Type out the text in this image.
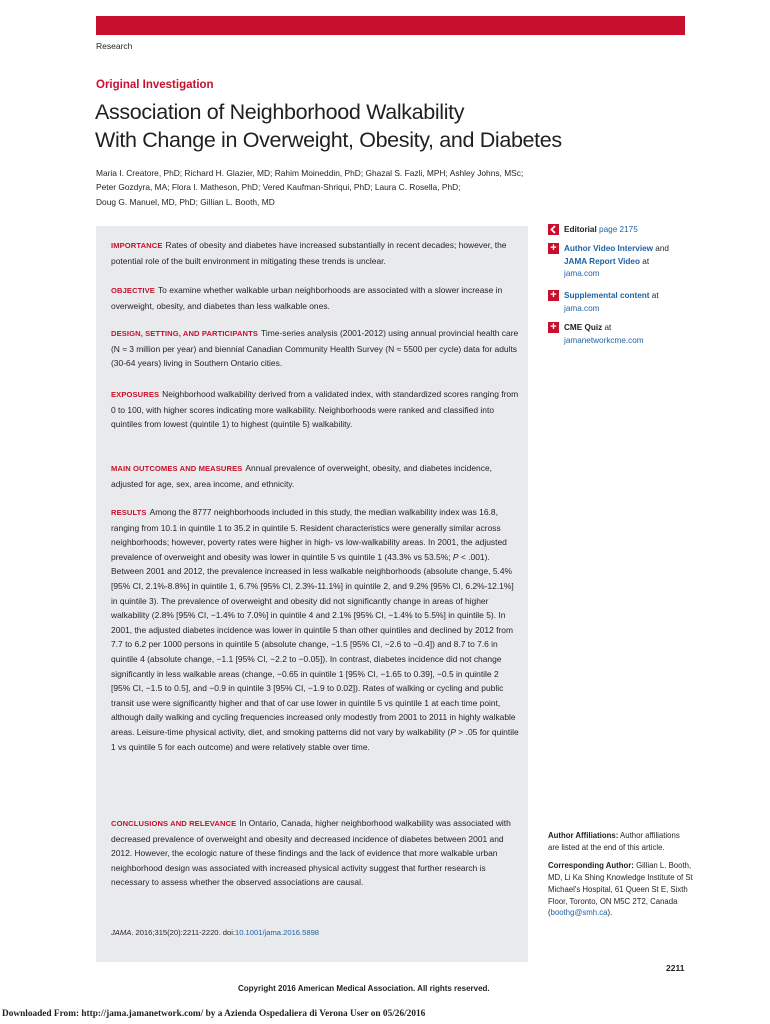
Research
Original Investigation
Association of Neighborhood Walkability
With Change in Overweight, Obesity, and Diabetes
Maria I. Creatore, PhD; Richard H. Glazier, MD; Rahim Moineddin, PhD; Ghazal S. Fazli, MPH; Ashley Johns, MSc;
Peter Gozdyra, MA; Flora I. Matheson, PhD; Vered Kaufman-Shriqui, PhD; Laura C. Rosella, PhD;
Doug G. Manuel, MD, PhD; Gillian L. Booth, MD

IMPORTANCE Rates of obesity and diabetes have increased substantially in recent decades; however, the potential role of the built environment in mitigating these trends is unclear.

OBJECTIVE To examine whether walkable urban neighborhoods are associated with a slower increase in overweight, obesity, and diabetes than less walkable ones.

DESIGN, SETTING, AND PARTICIPANTS Time-series analysis (2001-2012) using annual provincial health care (N ≈ 3 million per year) and biennial Canadian Community Health Survey (N ≈ 5500 per cycle) data for adults (30-64 years) living in Southern Ontario cities.

EXPOSURES Neighborhood walkability derived from a validated index, with standardized scores ranging from 0 to 100, with higher scores indicating more walkability. Neighborhoods were ranked and classified into quintiles from lowest (quintile 1) to highest (quintile 5) walkability.

MAIN OUTCOMES AND MEASURES Annual prevalence of overweight, obesity, and diabetes incidence, adjusted for age, sex, area income, and ethnicity.

RESULTS Among the 8777 neighborhoods included in this study, the median walkability index was 16.8, ranging from 10.1 in quintile 1 to 35.2 in quintile 5. Resident characteristics were generally similar across neighborhoods; however, poverty rates were higher in high- vs low-walkability areas. In 2001, the adjusted prevalence of overweight and obesity was lower in quintile 5 vs quintile 1 (43.3% vs 53.5%; P < .001). Between 2001 and 2012, the prevalence increased in less walkable neighborhoods (absolute change, 5.4% [95% CI, 2.1%-8.8%] in quintile 1, 6.7% [95% CI, 2.3%-11.1%] in quintile 2, and 9.2% [95% CI, 6.2%-12.1%] in quintile 3). The prevalence of overweight and obesity did not significantly change in areas of higher walkability (2.8% [95% CI, −1.4% to 7.0%] in quintile 4 and 2.1% [95% CI, −1.4% to 5.5%] in quintile 5). In 2001, the adjusted diabetes incidence was lower in quintile 5 than other quintiles and declined by 2012 from 7.7 to 6.2 per 1000 persons in quintile 5 (absolute change, −1.5 [95% CI, −2.6 to −0.4]) and 8.7 to 7.6 in quintile 4 (absolute change, −1.1 [95% CI, −2.2 to −0.05]). In contrast, diabetes incidence did not change significantly in less walkable areas (change, −0.65 in quintile 1 [95% CI, −1.65 to 0.39], −0.5 in quintile 2 [95% CI, −1.5 to 0.5], and −0.9 in quintile 3 [95% CI, −1.9 to 0.02]). Rates of walking or cycling and public transit use were significantly higher and that of car use lower in quintile 5 vs quintile 1 at each time point, although daily walking and cycling frequencies increased only modestly from 2001 to 2011 in highly walkable areas. Leisure-time physical activity, diet, and smoking patterns did not vary by walkability (P > .05 for quintile 1 vs quintile 5 for each outcome) and were relatively stable over time.

CONCLUSIONS AND RELEVANCE In Ontario, Canada, higher neighborhood walkability was associated with decreased prevalence of overweight and obesity and decreased incidence of diabetes between 2001 and 2012. However, the ecologic nature of these findings and the lack of evidence that more walkable urban neighborhood design was associated with increased physical activity suggest that further research is necessary to assess whether the observed associations are causal.

JAMA. 2016;315(20):2211-2220. doi:10.1001/jama.2016.5898
Editorial page 2175
+ Author Video Interview and
JAMA Report Video at
jama.com
+ Supplemental content at
jama.com
+ CME Quiz at
jamanetworkcme.com
Author Affiliations: Author affiliations are listed at the end of this article.
Corresponding Author: Gillian L. Booth, MD, Li Ka Shing Knowledge Institute of St Michael's Hospital, 61 Queen St E, Sixth Floor, Toronto, ON M5C 2T2, Canada (boothg@smh.ca).
2211
Copyright 2016 American Medical Association. All rights reserved.
Downloaded From: http://jama.jamanetwork.com/ by a Azienda Ospedaliera di Verona User on 05/26/2016
